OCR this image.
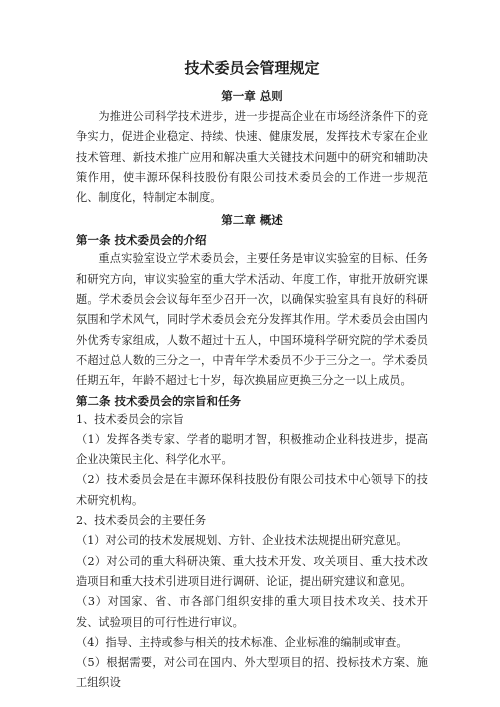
技术委员会管理规定
第一章 总则

为推进公司科学技术进步，进一步提高企业在市场经济条件下的竞争实力，促进企业稳定、持续、快速、健康发展，发挥技术专家在企业技术管理、新技术推广应用和解决重大关键技术问题中的研究和辅助决策作用，使丰源环保科技股份有限公司技术委员会的工作进一步规范化、制度化，特制定本制度。

第二章 概述
第一条 技术委员会的介绍

重点实验室设立学术委员会，主要任务是审议实验室的目标、任务和研究方向，审议实验室的重大学术活动、年度工作，审批开放研究课题。学术委员会会议每年至少召开一次，以确保实验室具有良好的科研氛围和学术风气，同时学术委员会充分发挥其作用。学术委员会由国内外优秀专家组成，人数不超过十五人，中国环境科学研究院的学术委员不超过总人数的三分之一，中青年学术委员不少于三分之一。学术委员任期五年，年龄不超过七十岁，每次换届应更换三分之一以上成员。

第二条 技术委员会的宗旨和任务

1、技术委员会的宗旨

（1）发挥各类专家、学者的聪明才智，积极推动企业科技进步，提高企业决策民主化、科学化水平。

（2）技术委员会是在丰源环保科技股份有限公司技术中心领导下的技术研究机构。

2、技术委员会的主要任务

（1）对公司的技术发展规划、方针、企业技术法规提出研究意见。

（2）对公司的重大科研决策、重大技术开发、攻关项目、重大技术改造项目和重大技术引进项目进行调研、论证，提出研究建议和意见。

（3）对国家、省、市各部门组织安排的重大项目技术攻关、技术开发、试验项目的可行性进行审议。

（4）指导、主持或参与相关的技术标准、企业标准的编制或审查。

（5）根据需要，对公司在国内、外大型项目的招、投标技术方案、施工组织设
